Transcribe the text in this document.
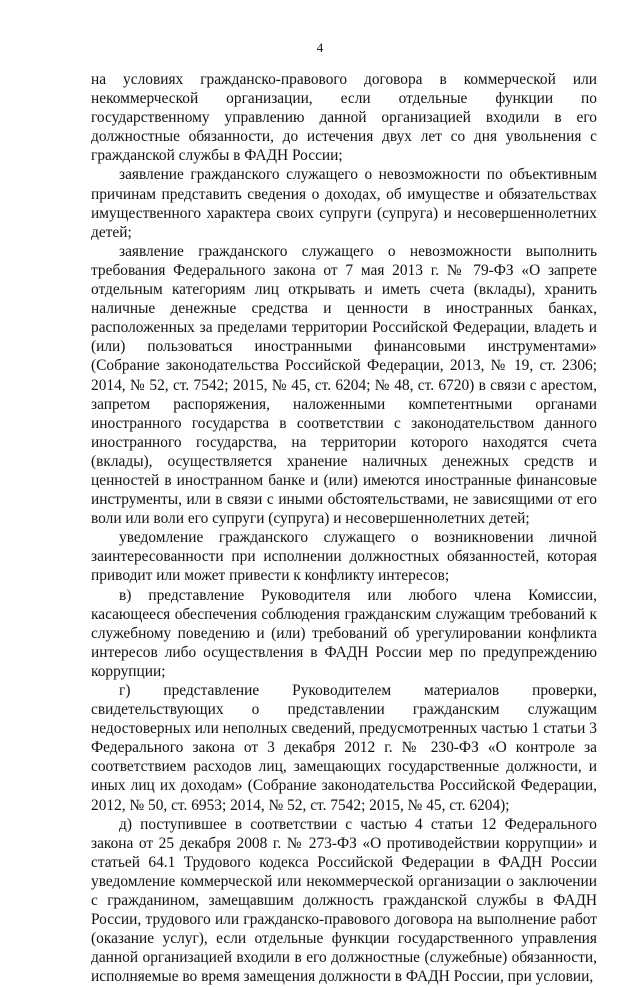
4

на условиях гражданско-правового договора в коммерческой или некоммерческой организации, если отдельные функции по государственному управлению данной организацией входили в его должностные обязанности, до истечения двух лет со дня увольнения с гражданской службы в ФАДН России;

заявление гражданского служащего о невозможности по объективным причинам представить сведения о доходах, об имуществе и обязательствах имущественного характера своих супруги (супруга) и несовершеннолетних детей;

заявление гражданского служащего о невозможности выполнить требования Федерального закона от 7 мая 2013 г. № 79-ФЗ «О запрете отдельным категориям лиц открывать и иметь счета (вклады), хранить наличные денежные средства и ценности в иностранных банках, расположенных за пределами территории Российской Федерации, владеть и (или) пользоваться иностранными финансовыми инструментами» (Собрание законодательства Российской Федерации, 2013, № 19, ст. 2306; 2014, № 52, ст. 7542; 2015, № 45, ст. 6204; № 48, ст. 6720) в связи с арестом, запретом распоряжения, наложенными компетентными органами иностранного государства в соответствии с законодательством данного иностранного государства, на территории которого находятся счета (вклады), осуществляется хранение наличных денежных средств и ценностей в иностранном банке и (или) имеются иностранные финансовые инструменты, или в связи с иными обстоятельствами, не зависящими от его воли или воли его супруги (супруга) и несовершеннолетних детей;

уведомление гражданского служащего о возникновении личной заинтересованности при исполнении должностных обязанностей, которая приводит или может привести к конфликту интересов;

в) представление Руководителя или любого члена Комиссии, касающееся обеспечения соблюдения гражданским служащим требований к служебному поведению и (или) требований об урегулировании конфликта интересов либо осуществления в ФАДН России мер по предупреждению коррупции;

г) представление Руководителем материалов проверки, свидетельствующих о представлении гражданским служащим недостоверных или неполных сведений, предусмотренных частью 1 статьи 3 Федерального закона от 3 декабря 2012 г. № 230-ФЗ «О контроле за соответствием расходов лиц, замещающих государственные должности, и иных лиц их доходам» (Собрание законодательства Российской Федерации, 2012, № 50, ст. 6953; 2014, № 52, ст. 7542; 2015, № 45, ст. 6204);

д) поступившее в соответствии с частью 4 статьи 12 Федерального закона от 25 декабря 2008 г. № 273-ФЗ «О противодействии коррупции» и статьей 64.1 Трудового кодекса Российской Федерации в ФАДН России уведомление коммерческой или некоммерческой организации о заключении с гражданином, замещавшим должность гражданской службы в ФАДН России, трудового или гражданско-правового договора на выполнение работ (оказание услуг), если отдельные функции государственного управления данной организацией входили в его должностные (служебные) обязанности, исполняемые во время замещения должности в ФАДН России, при условии,
